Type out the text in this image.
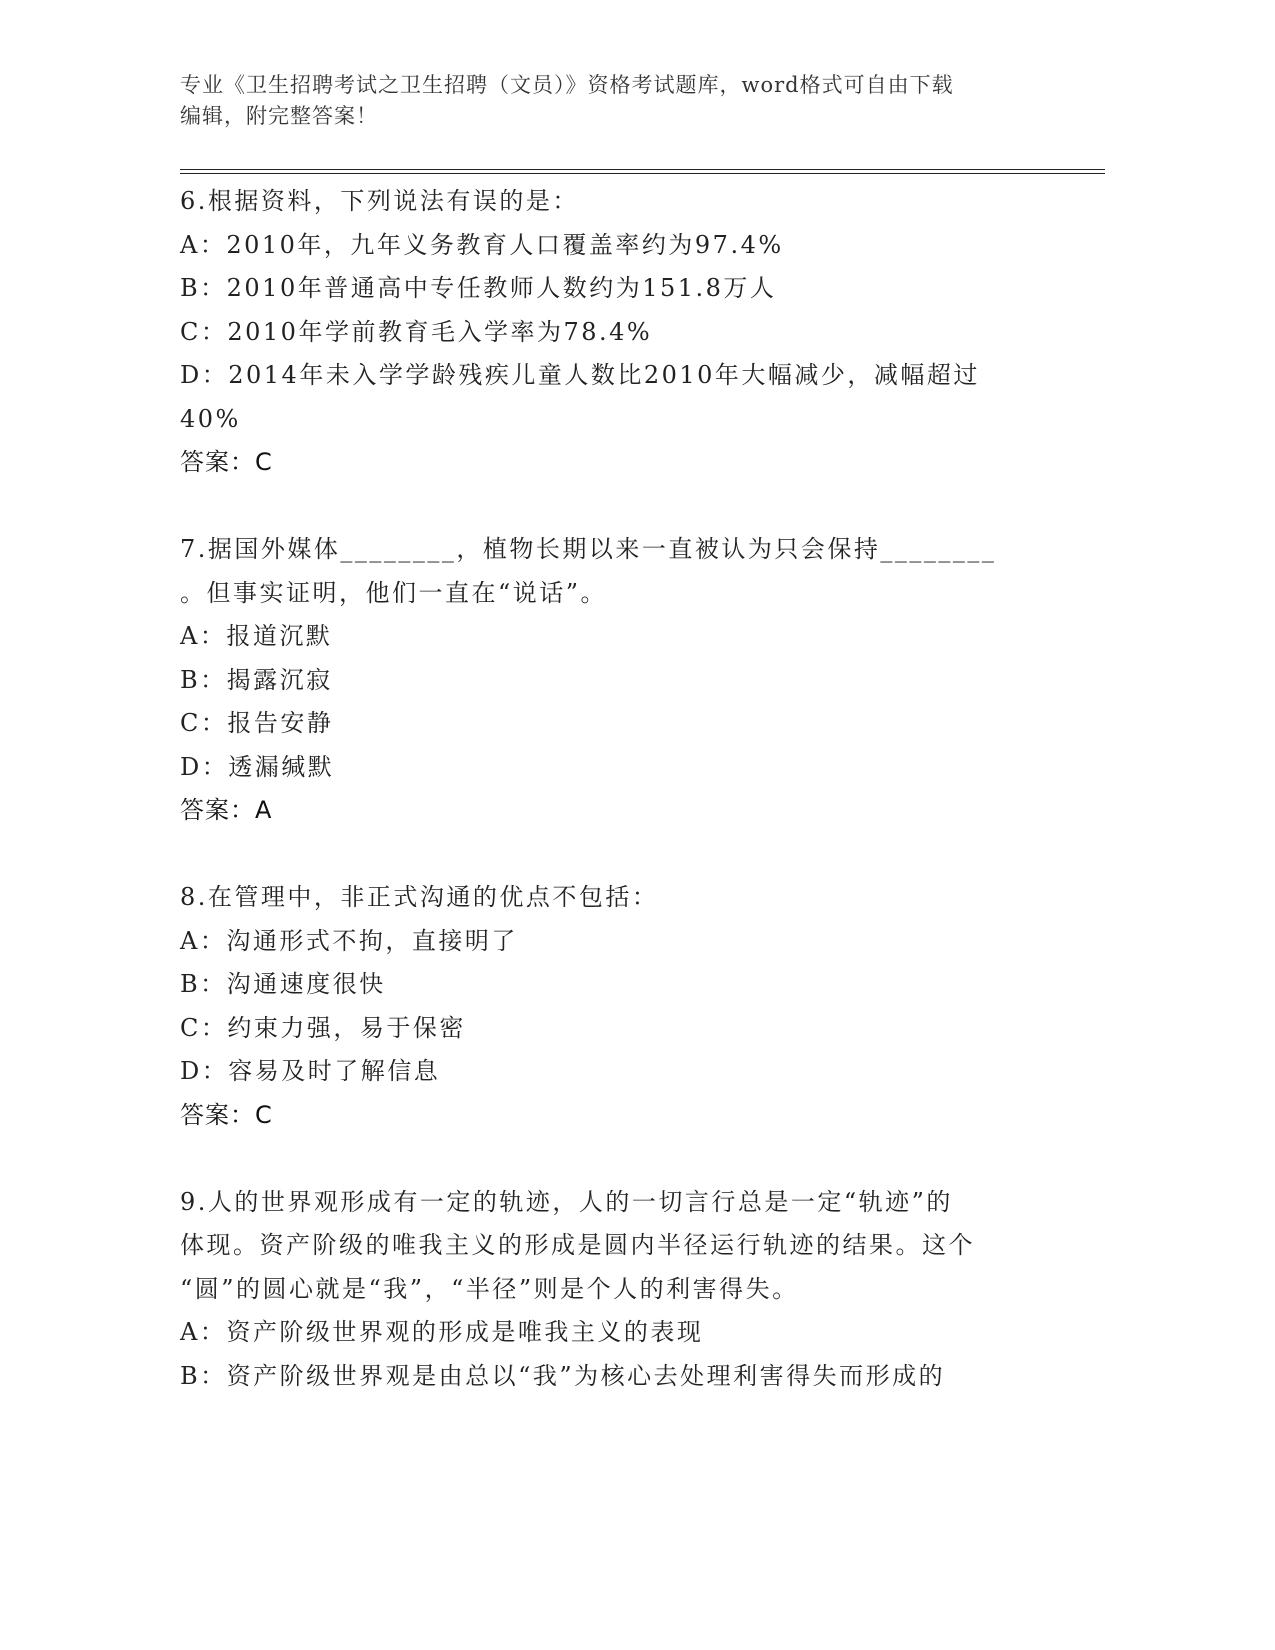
专业《卫生招聘考试之卫生招聘（文员）》资格考试题库，word格式可自由下载
编辑，附完整答案！
6.根据资料，下列说法有误的是：
A：2010年，九年义务教育人口覆盖率约为97.4%
B：2010年普通高中专任教师人数约为151.8万人
C：2010年学前教育毛入学率为78.4%
D：2014年未入学学龄残疾儿童人数比2010年大幅减少，减幅超过
40%
答案：C
7.据国外媒体________，植物长期以来一直被认为只会保持________
。但事实证明，他们一直在“说话”。
A：报道沉默
B：揭露沉寂
C：报告安静
D：透漏缄默
答案：A
8.在管理中，非正式沟通的优点不包括：
A：沟通形式不拘，直接明了
B：沟通速度很快
C：约束力强，易于保密
D：容易及时了解信息
答案：C
9.人的世界观形成有一定的轨迹，人的一切言行总是一定“轨迹”的
体现。资产阶级的唯我主义的形成是圆内半径运行轨迹的结果。这个
“圆”的圆心就是“我”，“半径”则是个人的利害得失。
A：资产阶级世界观的形成是唯我主义的表现
B：资产阶级世界观是由总以“我”为核心去处理利害得失而形成的
